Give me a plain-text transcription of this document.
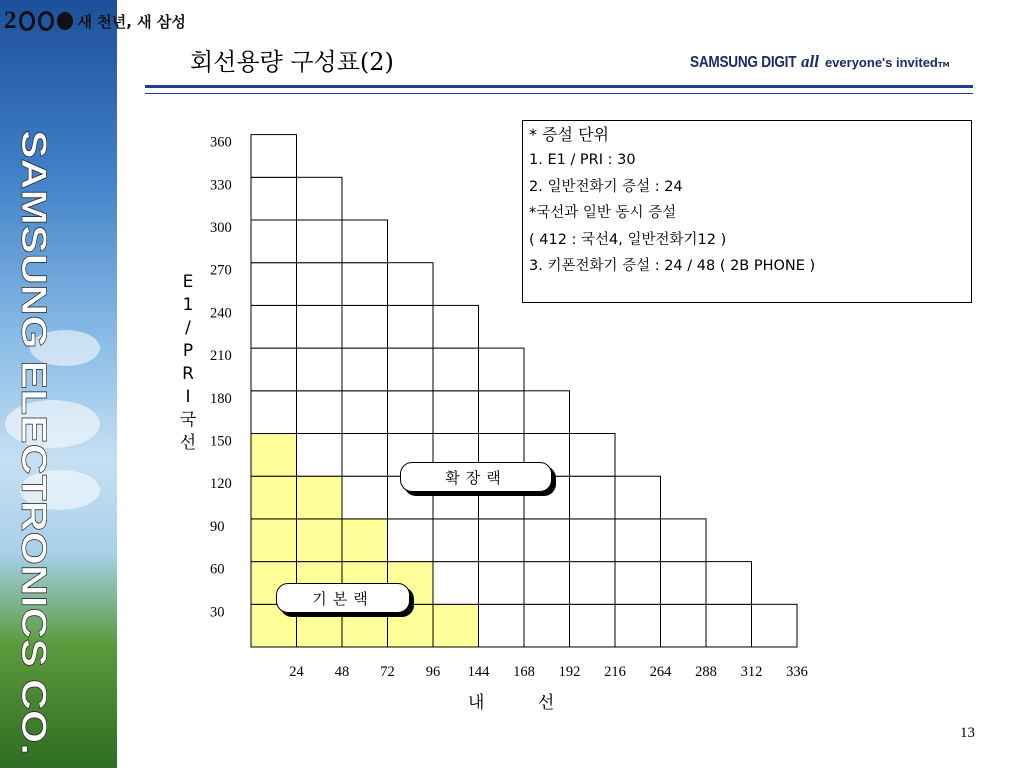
SAMSUNG ELECTRONICS CO.
2	새 천년, 새 삼성
회선용량 구성표(2)	SAMSUNG DIGIT all everyone's invited TM
360
330
300
270
240
210
180
150
120
90
60
30
24 48 72 96 144 168 192 216 264 288 312 336
E
1
/
P
R
I
국
선
내 선
확장랙
기본랙
* 증설 단위
1. E1 / PRI : 30
2. 일반전화기 증설 : 24
*국선과 일반 동시 증설
( 412 : 국선4, 일반전화기12 )
3. 키폰전화기 증설 : 24 / 48 ( 2B PHONE )
13
